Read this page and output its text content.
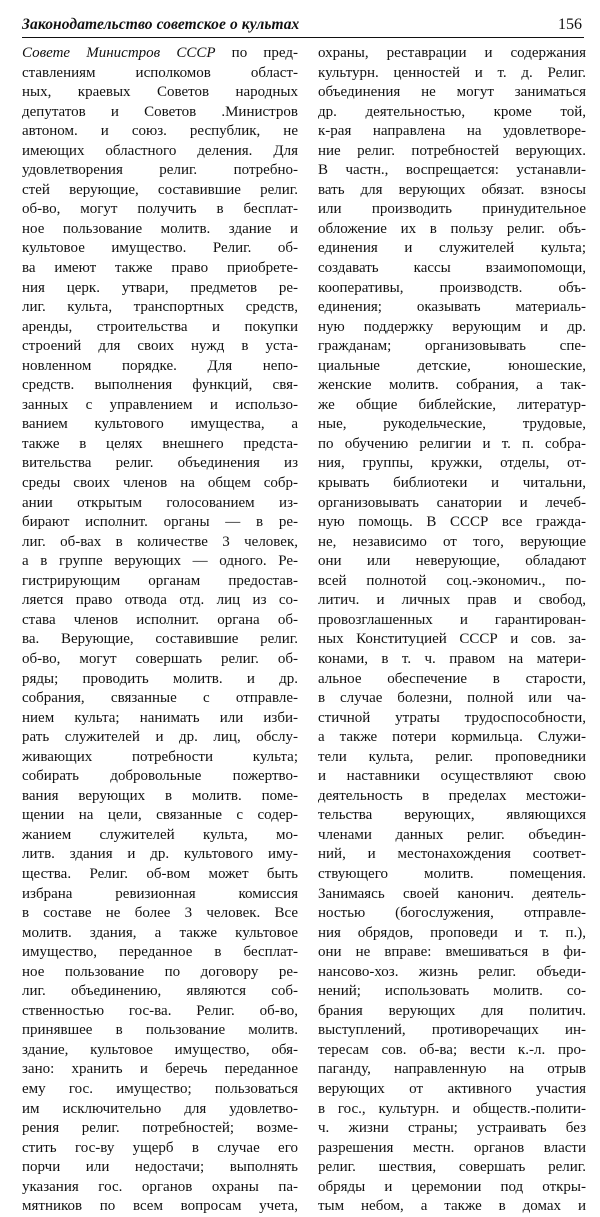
Законодательство советское о культах	156
Совете Министров СССР по пред-
ставлениям исполкомов област-
ных, краевых Советов народных
депутатов и Советов .Министров
автоном. и союз. республик, не
имеющих областного деления. Для
удовлетворения религ. потребно-
стей верующие, составившие религ.
об-во, могут получить в бесплат-
ное пользование молитв. здание и
культовое имущество. Религ. об-
ва имеют также право приобрете-
ния церк. утвари, предметов ре-
лиг. культа, транспортных средств,
аренды, строительства и покупки
строений для своих нужд в уста-
новленном порядке. Для непо-
средств. выполнения функций, свя-
занных с управлением и использо-
ванием культового имущества, а
также в целях внешнего предста-
вительства религ. объединения из
среды своих членов на общем собр-
ании открытым голосованием из-
бирают исполнит. органы — в ре-
лиг. об-вах в количестве 3 человек,
а в группе верующих — одного. Ре-
гистрирующим органам предостав-
ляется право отвода отд. лиц из со-
става членов исполнит. органа об-
ва. Верующие, составившие религ.
об-во, могут совершать религ. об-
ряды; проводить молитв. и др.
собрания, связанные с отправле-
нием культа; нанимать или изби-
рать служителей и др. лиц, обслу-
живающих потребности культа;
собирать добровольные пожертво-
вания верующих в молитв. поме-
щении на цели, связанные с содер-
жанием служителей культа, мо-
литв. здания и др. культового иму-
щества. Религ. об-вом может быть
избрана ревизионная комиссия
в составе не более 3 человек. Все
молитв. здания, а также культовое
имущество, переданное в бесплат-
ное пользование по договору ре-
лиг. объединению, являются соб-
ственностью гос-ва. Религ. об-во,
принявшее в пользование молитв.
здание, культовое имущество, обя-
зано: хранить и беречь переданное
ему гос. имущество; пользоваться
им исключительно для удовлетво-
рения религ. потребностей; возме-
стить гос-ву ущерб в случае его
порчи или недостачи; выполнять
указания гос. органов охраны па-
мятников по всем вопросам учета,
охраны, реставрации и содержания
культурн. ценностей и т. д. Религ.
объединения не могут заниматься
др. деятельностью, кроме той,
к-рая направлена на удовлетворе-
ние религ. потребностей верующих.
В частн., воспрещается: устанавли-
вать для верующих обязат. взносы
или производить принудительное
обложение их в пользу религ. объ-
единения и служителей культа;
создавать кассы взаимопомощи,
кооперативы, производств. объ-
единения; оказывать материаль-
ную поддержку верующим и др.
гражданам; организовывать спе-
циальные детские, юношеские,
женские молитв. собрания, а так-
же общие библейские, литератур-
ные, рукодельческие, трудовые,
по обучению религии и т. п. собра-
ния, группы, кружки, отделы, от-
крывать библиотеки и читальни,
организовывать санатории и лечеб-
ную помощь. В СССР все гражда-
не, независимо от того, верующие
они или неверующие, обладают
всей полнотой соц.-экономич., по-
литич. и личных прав и свобод,
провозглашенных и гарантирован-
ных Конституцией СССР и сов. за-
конами, в т. ч. правом на матери-
альное обеспечение в старости,
в случае болезни, полной или ча-
стичной утраты трудоспособности,
а также потери кормильца. Служи-
тели культа, религ. проповедники
и наставники осуществляют свою
деятельность в пределах местожи-
тельства верующих, являющихся
членами данных религ. объедин-
ний, и местонахождения соответ-
ствующего молитв. помещения.
Занимаясь своей канонич. деятель-
ностью (богослужения, отправле-
ния обрядов, проповеди и т. п.),
они не вправе: вмешиваться в фи-
нансово-хоз. жизнь религ. объеди-
нений; использовать молитв. со-
брания верующих для политич.
выступлений, противоречащих ин-
тересам сов. об-ва; вести к.-л. про-
паганду, направленную на отрыв
верующих от активного участия
в гос., культурн. и обществ.-полити-
ч. жизни страны; устраивать без
разрешения местн. органов власти
религ. шествия, совершать религ.
обряды и церемонии под откры-
тым небом, а также в домах и
